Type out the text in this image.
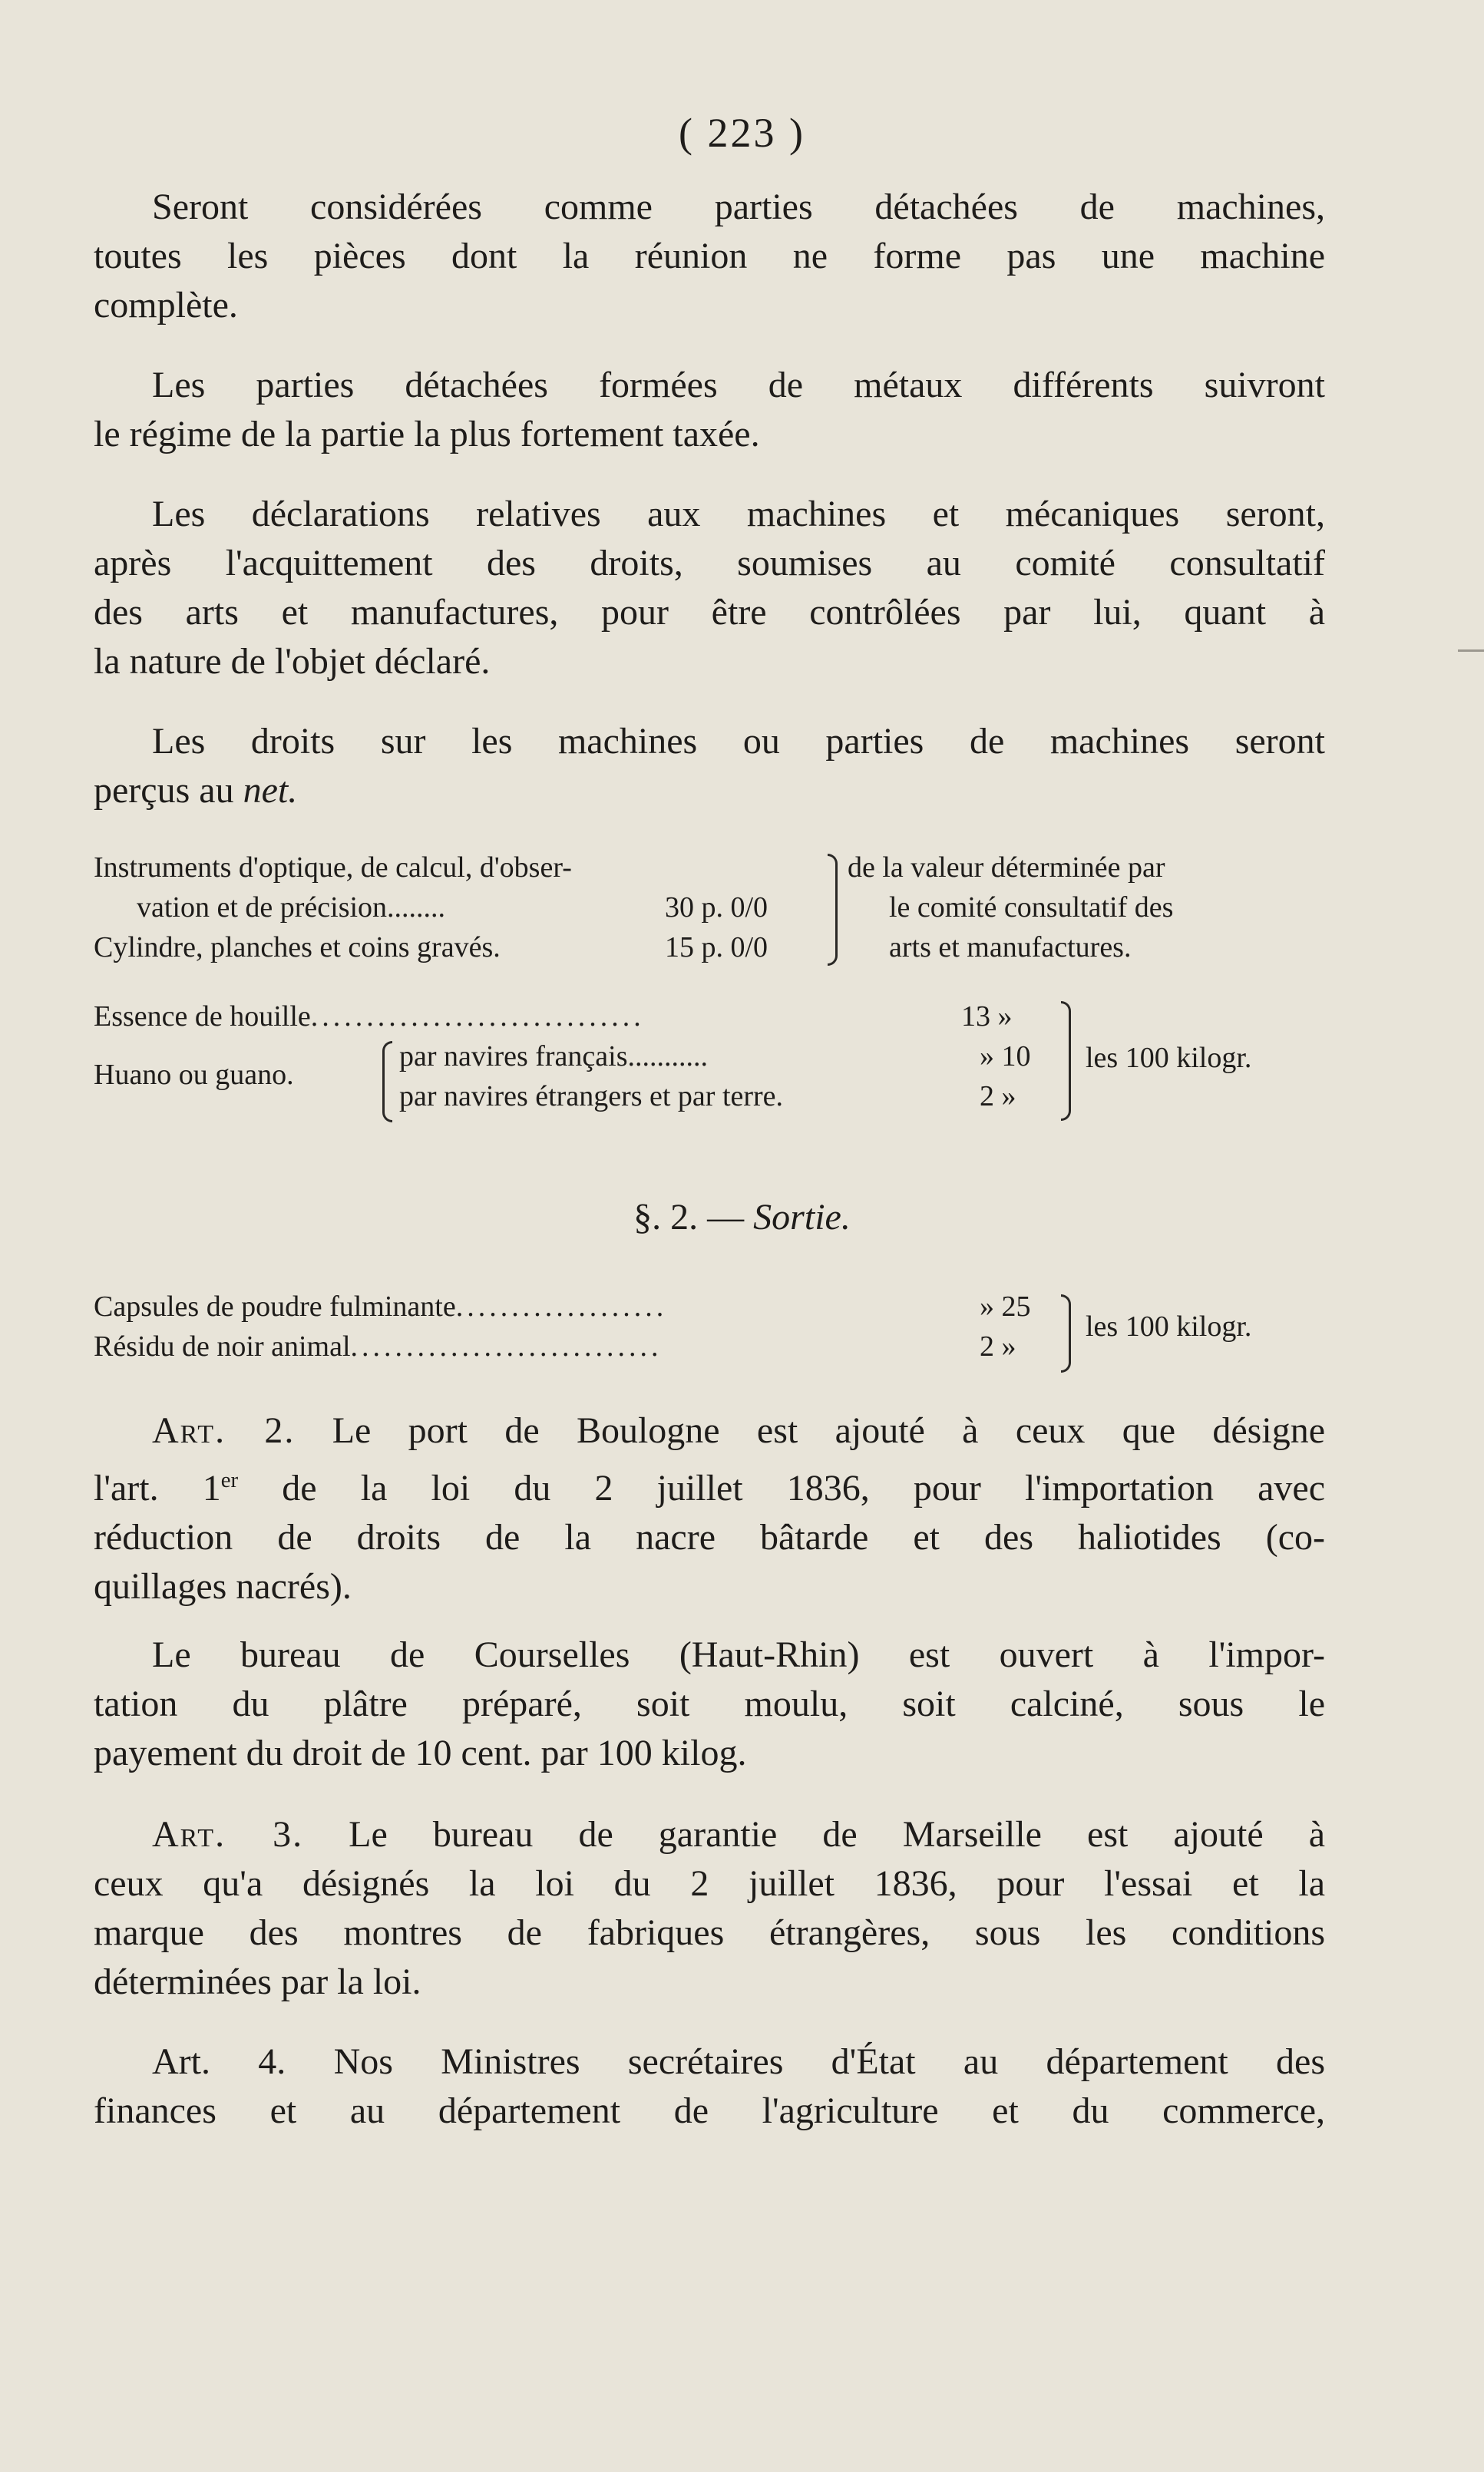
( 223 )
Seront considérées comme parties détachées de machines,
toutes les pièces dont la réunion ne forme pas une machine
complète.
Les parties détachées formées de métaux différents suivront
le régime de la partie la plus fortement taxée.
Les déclarations relatives aux machines et mécaniques seront,
après l'acquittement des droits, soumises au comité consultatif
des arts et manufactures, pour être contrôlées par lui, quant à
la nature de l'objet déclaré.
Les droits sur les machines ou parties de machines seront
perçus au net.
Instruments d'optique, de calcul, d'obser-
vation et de précision........	30 p. 0/0
Cylindre, planches et coins gravés.	15 p. 0/0
de la valeur déterminée par
le comité consultatif des
arts et manufactures.
Essence de houille..............................	13 »
Huano ou guano.
par navires français...........	» 10
par navires étrangers et par terre.	2 »
les 100 kilogr.
§. 2. — Sortie.
Capsules de poudre fulminante...................	» 25
Résidu de noir animal............................	2 »
les 100 kilogr.
Art. 2. Le port de Boulogne est ajouté à ceux que désigne
l'art. 1er de la loi du 2 juillet 1836, pour l'importation avec
réduction de droits de la nacre bâtarde et des haliotides (co-
quillages nacrés).
Le bureau de Courselles (Haut-Rhin) est ouvert à l'impor-
tation du plâtre préparé, soit moulu, soit calciné, sous le
payement du droit de 10 cent. par 100 kilog.
Art. 3. Le bureau de garantie de Marseille est ajouté à
ceux qu'a désignés la loi du 2 juillet 1836, pour l'essai et la
marque des montres de fabriques étrangères, sous les conditions
déterminées par la loi.
Art. 4. Nos Ministres secrétaires d'État au département des
finances et au département de l'agriculture et du commerce,
